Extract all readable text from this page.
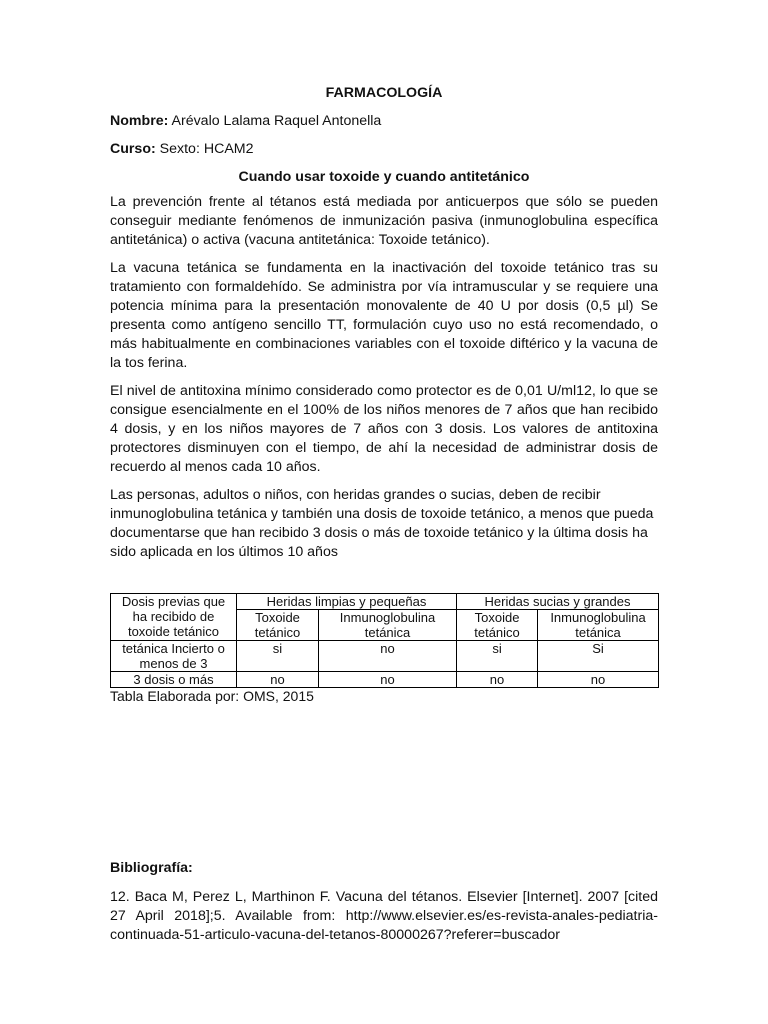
FARMACOLOGÍA
Nombre: Arévalo Lalama Raquel Antonella
Curso: Sexto: HCAM2
Cuando usar toxoide y cuando antitetánico

La prevención frente al tétanos está mediada por anticuerpos que sólo se pueden conseguir mediante fenómenos de inmunización pasiva (inmunoglobulina específica antitetánica) o activa (vacuna antitetánica: Toxoide tetánico).

La vacuna tetánica se fundamenta en la inactivación del toxoide tetánico tras su tratamiento con formaldehído. Se administra por vía intramuscular y se requiere una potencia mínima para la presentación monovalente de 40 U por dosis (0,5 µl) Se presenta como antígeno sencillo TT, formulación cuyo uso no está recomendado, o más habitualmente en combinaciones variables con el toxoide diftérico y la vacuna de la tos ferina.

El nivel de antitoxina mínimo considerado como protector es de 0,01 U/ml12, lo que se consigue esencialmente en el 100% de los niños menores de 7 años que han recibido 4 dosis, y en los niños mayores de 7 años con 3 dosis. Los valores de antitoxina protectores disminuyen con el tiempo, de ahí la necesidad de administrar dosis de recuerdo al menos cada 10 años.

Las personas, adultos o niños, con heridas grandes o sucias, deben de recibir inmunoglobulina tetánica y también una dosis de toxoide tetánico, a menos que pueda documentarse que han recibido 3 dosis o más de toxoide tetánico y la última dosis ha sido aplicada en los últimos 10 años

Dosis previas que ha recibido de toxoide tetánico	Heridas limpias y pequeñas		Heridas sucias y grandes	
	Toxoide tetánico	Inmunoglobulina tetánica	Toxoide tetánico	Inmunoglobulina tetánica
tetánica Incierto o menos de 3	si	no	si	Si
3 dosis o más	no	no	no	no
Tabla Elaborada por: OMS, 2015
Bibliografía:

12. Baca M, Perez L, Marthinon F. Vacuna del tétanos. Elsevier [Internet]. 2007 [cited 27 April 2018];5. Available from: http://www.elsevier.es/es-revista-anales-pediatria-continuada-51-articulo-vacuna-del-tetanos-80000267?referer=buscador
